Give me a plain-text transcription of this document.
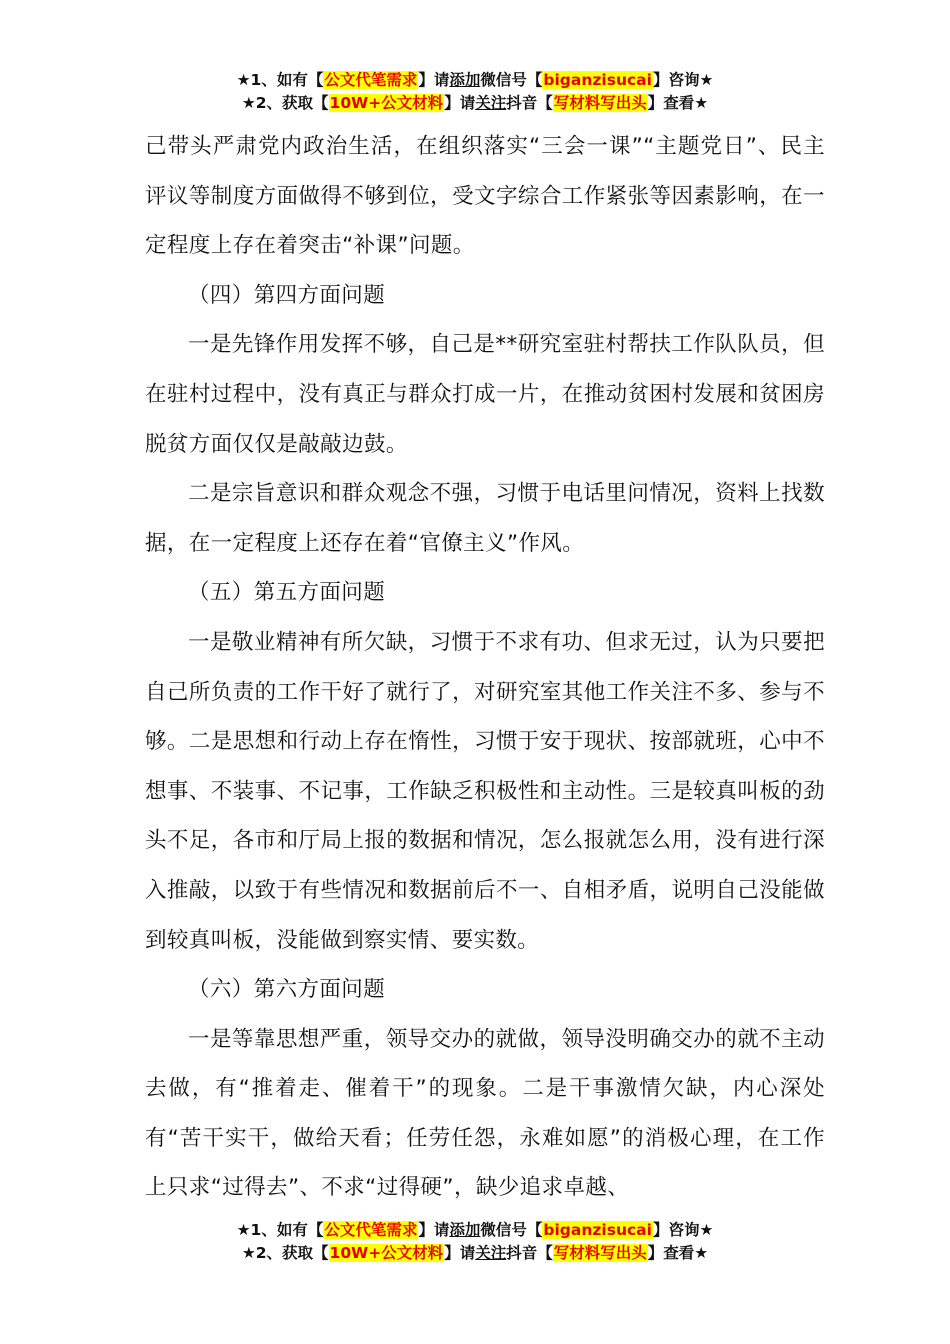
★1、如有【公文代笔需求】请添加微信号【biganzisucai】咨询★
★2、获取【10W+公文材料】请关注抖音【写材料写出头】查看★

己带头严肃党内政治生活，在组织落实“三会一课”“主题党日”、民主评议等制度方面做得不够到位，受文字综合工作紧张等因素影响，在一定程度上存在着突击“补课”问题。

（四）第四方面问题

一是先锋作用发挥不够，自己是**研究室驻村帮扶工作队队员，但在驻村过程中，没有真正与群众打成一片，在推动贫困村发展和贫困房脱贫方面仅仅是敲敲边鼓。

二是宗旨意识和群众观念不强，习惯于电话里问情况，资料上找数据，在一定程度上还存在着“官僚主义”作风。

（五）第五方面问题

一是敬业精神有所欠缺，习惯于不求有功、但求无过，认为只要把自己所负责的工作干好了就行了，对研究室其他工作关注不多、参与不够。二是思想和行动上存在惰性，习惯于安于现状、按部就班，心中不想事、不装事、不记事，工作缺乏积极性和主动性。三是较真叫板的劲头不足，各市和厅局上报的数据和情况，怎么报就怎么用，没有进行深入推敲，以致于有些情况和数据前后不一、自相矛盾，说明自己没能做到较真叫板，没能做到察实情、要实数。

（六）第六方面问题

一是等靠思想严重，领导交办的就做，领导没明确交办的就不主动去做，有“推着走、催着干”的现象。二是干事激情欠缺，内心深处有“苦干实干，做给天看；任劳任怨，永难如愿”的消极心理，在工作上只求“过得去”、不求“过得硬”，缺少追求卓越、

★1、如有【公文代笔需求】请添加微信号【biganzisucai】咨询★
★2、获取【10W+公文材料】请关注抖音【写材料写出头】查看★
